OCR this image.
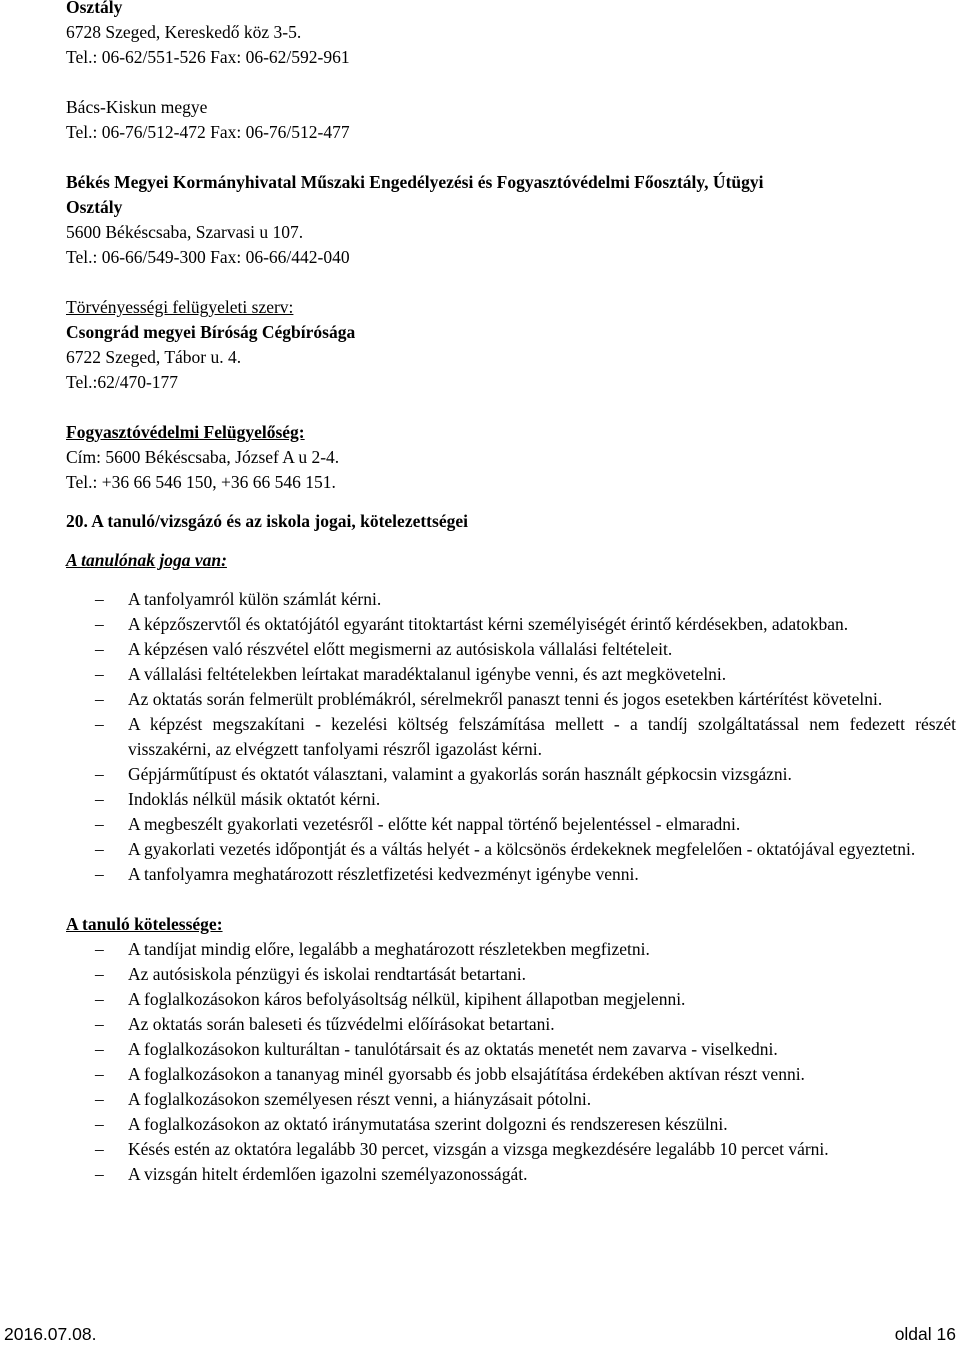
Osztály
6728 Szeged, Kereskedő köz 3-5.
Tel.: 06-62/551-526 Fax: 06-62/592-961
Bács-Kiskun megye
Tel.: 06-76/512-472 Fax: 06-76/512-477
Békés Megyei Kormányhivatal Műszaki Engedélyezési és Fogyasztóvédelmi Főosztály, Útügyi
Osztály
5600 Békéscsaba, Szarvasi u 107.
Tel.: 06-66/549-300 Fax: 06-66/442-040
Törvényességi felügyeleti szerv:
Csongrád megyei Bíróság Cégbírósága
6722 Szeged, Tábor u. 4.
Tel.:62/470-177
Fogyasztóvédelmi Felügyelőség:
Cím: 5600 Békéscsaba, József A u 2-4.
Tel.: +36 66 546 150, +36 66 546 151.
20. A tanuló/vizsgázó és az iskola jogai, kötelezettségei
A tanulónak joga van:
– A tanfolyamról külön számlát kérni.
– A képzőszervtől és oktatójától egyaránt titoktartást kérni személyiségét érintő kérdésekben, adatokban.
– A képzésen való részvétel előtt megismerni az autósiskola vállalási feltételeit.
– A vállalási feltételekben leírtakat maradéktalanul igénybe venni, és azt megkövetelni.
– Az oktatás során felmerült problémákról, sérelmekről panaszt tenni és jogos esetekben kártérítést követelni.
– A képzést megszakítani - kezelési költség felszámítása mellett - a tandíj szolgáltatással nem fedezett részét visszakérni, az elvégzett tanfolyami részről igazolást kérni.
– Gépjárműtípust és oktatót választani, valamint a gyakorlás során használt gépkocsin vizsgázni.
– Indoklás nélkül másik oktatót kérni.
– A megbeszélt gyakorlati vezetésről - előtte két nappal történő bejelentéssel - elmaradni.
– A gyakorlati vezetés időpontját és a váltás helyét - a kölcsönös érdekeknek megfelelően - oktatójával egyeztetni.
– A tanfolyamra meghatározott részletfizetési kedvezményt igénybe venni.
A tanuló kötelessége:
– A tandíjat mindig előre, legalább a meghatározott részletekben megfizetni.
– Az autósiskola pénzügyi és iskolai rendtartását betartani.
– A foglalkozásokon káros befolyásoltság nélkül, kipihent állapotban megjelenni.
– Az oktatás során baleseti és tűzvédelmi előírásokat betartani.
– A foglalkozásokon kulturáltan - tanulótársait és az oktatás menetét nem zavarva - viselkedni.
– A foglalkozásokon a tananyag minél gyorsabb és jobb elsajátítása érdekében aktívan részt venni.
– A foglalkozásokon személyesen részt venni, a hiányzásait pótolni.
– A foglalkozásokon az oktató iránymutatása szerint dolgozni és rendszeresen készülni.
– Késés estén az oktatóra legalább 30 percet, vizsgán a vizsga megkezdésére legalább 10 percet várni.
– A vizsgán hitelt érdemlően igazolni személyazonosságát.
2016.07.08.	oldal 16
